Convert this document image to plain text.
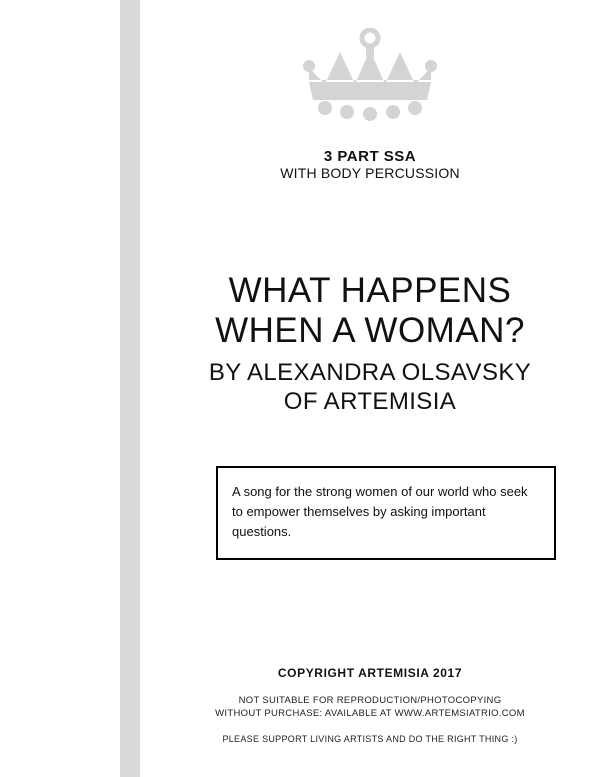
3 PART SSA
WITH BODY PERCUSSION
WHAT HAPPENS
WHEN A WOMAN?
BY ALEXANDRA OLSAVSKY
OF ARTEMISIA

A song for the strong women of our world who seek to empower themselves by asking important questions.

COPYRIGHT ARTEMISIA 2017
NOT SUITABLE FOR REPRODUCTION/PHOTOCOPYING
WITHOUT PURCHASE: AVAILABLE AT WWW.ARTEMSIATRIO.COM
PLEASE SUPPORT LIVING ARTISTS AND DO THE RIGHT THING :)
